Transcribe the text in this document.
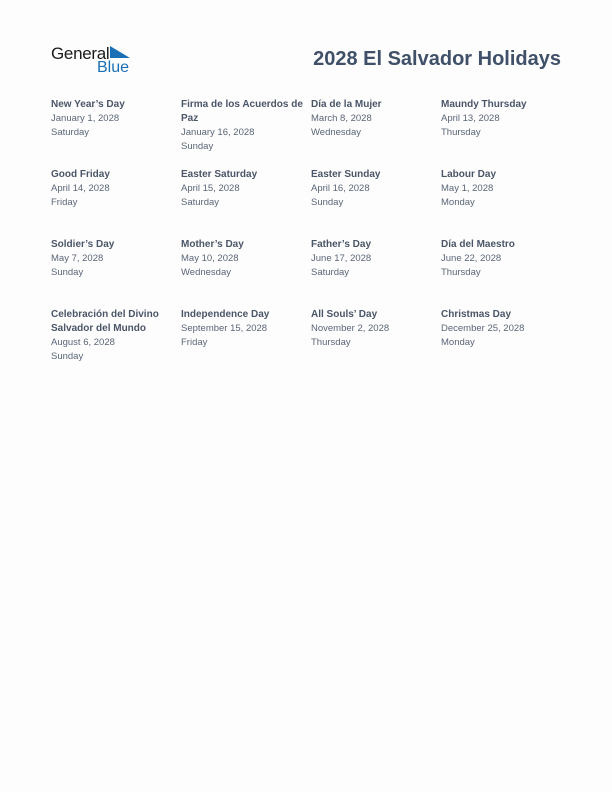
General
Blue	2028 El Salvador Holidays
New Year’s Day
January 1, 2028
Saturday
Firma de los Acuerdos de Paz
January 16, 2028
Sunday
Día de la Mujer
March 8, 2028
Wednesday
Maundy Thursday
April 13, 2028
Thursday
Good Friday
April 14, 2028
Friday
Easter Saturday
April 15, 2028
Saturday
Easter Sunday
April 16, 2028
Sunday
Labour Day
May 1, 2028
Monday
Soldier’s Day
May 7, 2028
Sunday
Mother’s Day
May 10, 2028
Wednesday
Father’s Day
June 17, 2028
Saturday
Día del Maestro
June 22, 2028
Thursday
Celebración del Divino Salvador del Mundo
August 6, 2028
Sunday
Independence Day
September 15, 2028
Friday
All Souls’ Day
November 2, 2028
Thursday
Christmas Day
December 25, 2028
Monday
